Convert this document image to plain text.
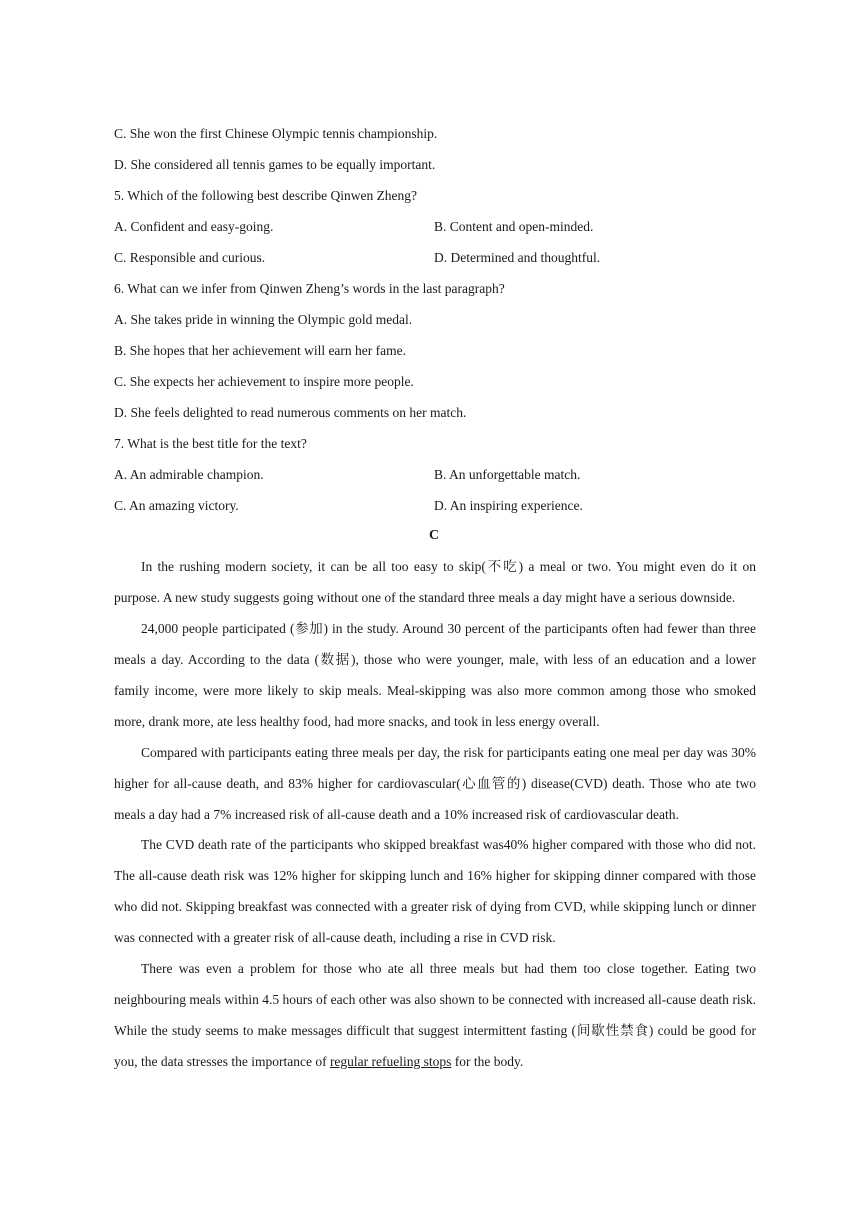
C. She won the first Chinese Olympic tennis championship.
D. She considered all tennis games to be equally important.
5. Which of the following best describe Qinwen Zheng?
A. Confident and easy-going.	B. Content and open-minded.
C. Responsible and curious.	D. Determined and thoughtful.
6. What can we infer from Qinwen Zheng’s words in the last paragraph?
A. She takes pride in winning the Olympic gold medal.
B. She hopes that her achievement will earn her fame.
C. She expects her achievement to inspire more people.
D. She feels delighted to read numerous comments on her match.
7. What is the best title for the text?
A. An admirable champion.	B. An unforgettable match.
C. An amazing victory.	D. An inspiring experience.
C
In the rushing modern society, it can be all too easy to skip(不吃) a meal or two. You might even do it on purpose. A new study suggests going without one of the standard three meals a day might have a serious downside.
24,000 people participated (参加) in the study. Around 30 percent of the participants often had fewer than three meals a day. According to the data (数据), those who were younger, male, with less of an education and a lower family income, were more likely to skip meals. Meal-skipping was also more common among those who smoked more, drank more, ate less healthy food, had more snacks, and took in less energy overall.
Compared with participants eating three meals per day, the risk for participants eating one meal per day was 30% higher for all-cause death, and 83% higher for cardiovascular(心血管的) disease(CVD) death. Those who ate two meals a day had a 7% increased risk of all-cause death and a 10% increased risk of cardiovascular death.
The CVD death rate of the participants who skipped breakfast was40% higher compared with those who did not. The all-cause death risk was 12% higher for skipping lunch and 16% higher for skipping dinner compared with those who did not. Skipping breakfast was connected with a greater risk of dying from CVD, while skipping lunch or dinner was connected with a greater risk of all-cause death, including a rise in CVD risk.
There was even a problem for those who ate all three meals but had them too close together. Eating two neighbouring meals within 4.5 hours of each other was also shown to be connected with increased all-cause death risk. While the study seems to make messages difficult that suggest intermittent fasting (间歇性禁食) could be good for you, the data stresses the importance of regular refueling stops for the body.
